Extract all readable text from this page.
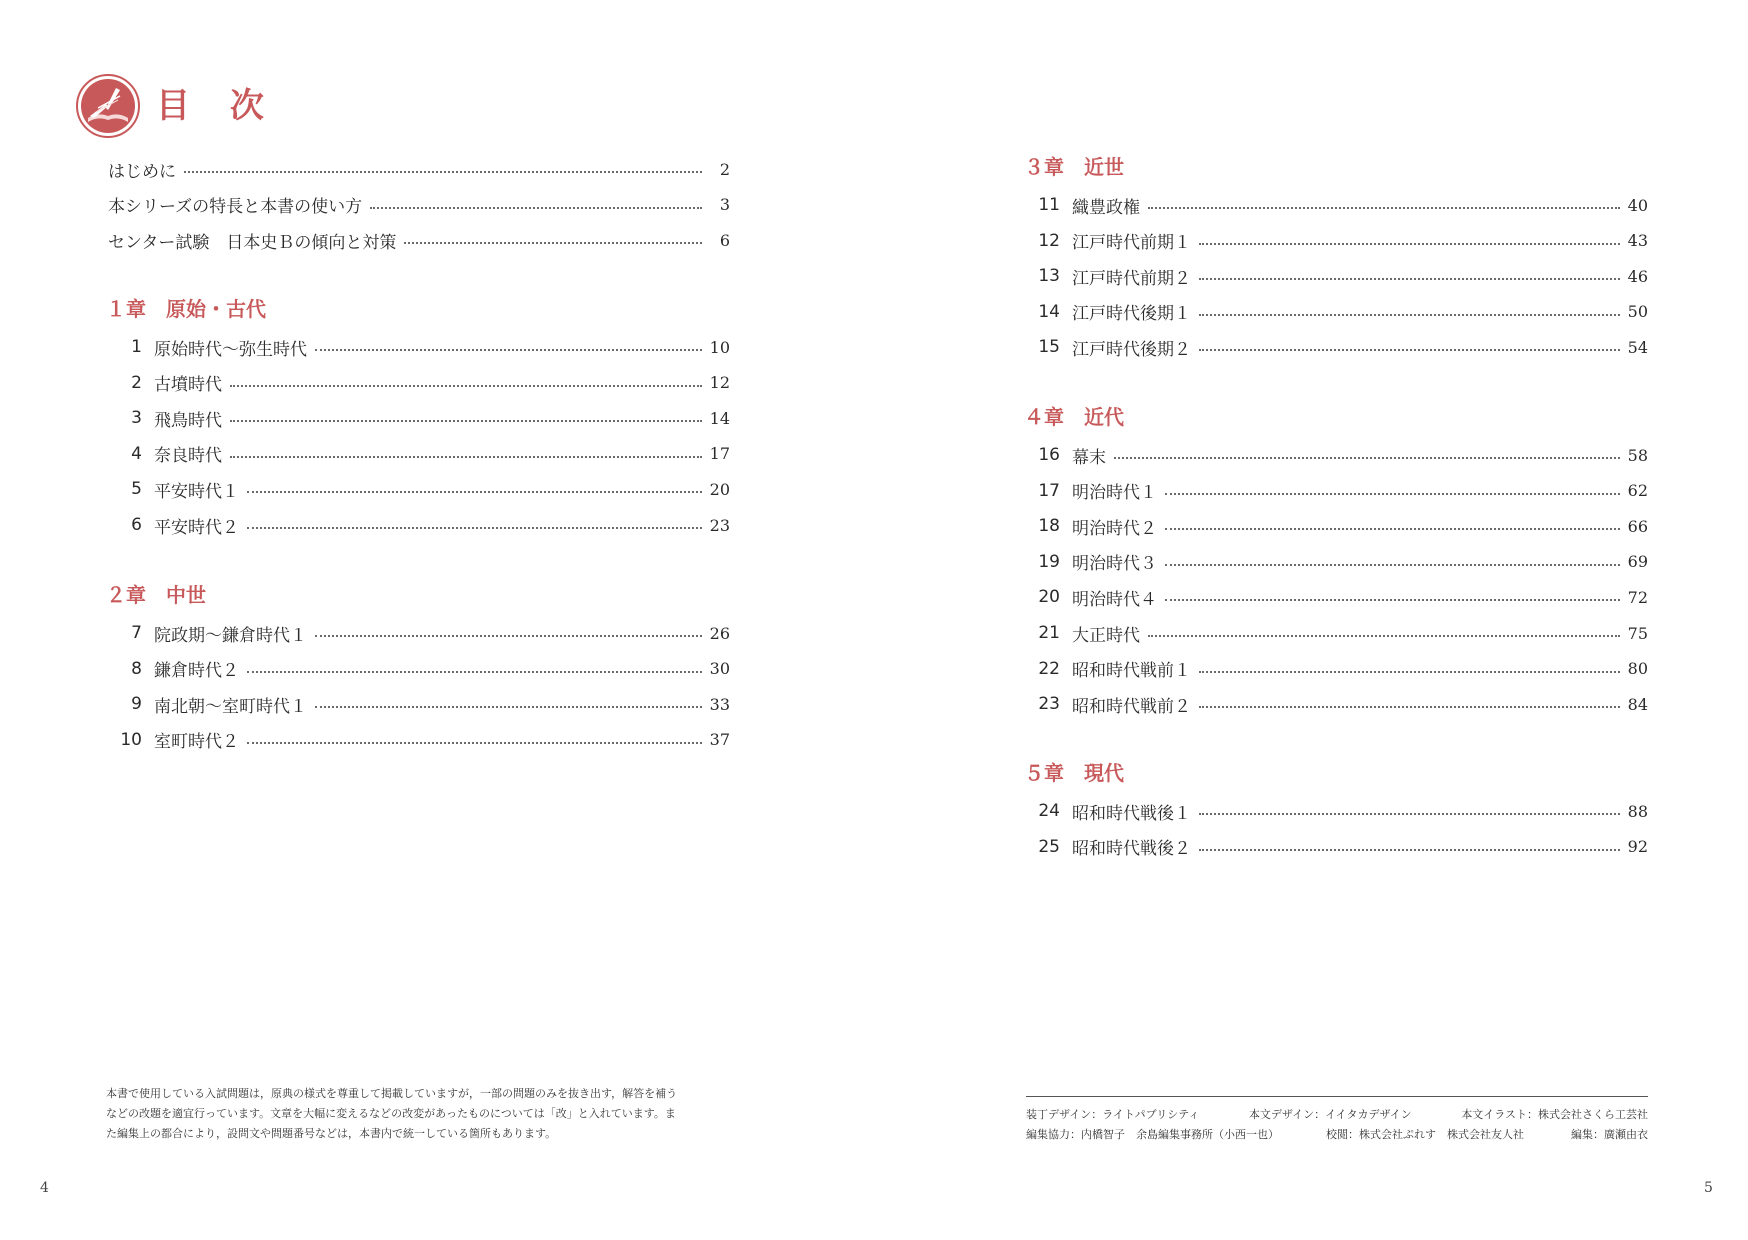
目 次
はじめに	2
本シリーズの特長と本書の使い方	3
センター試験　日本史Ｂの傾向と対策	6
１章　原始・古代
1 原始時代〜弥生時代	10
2 古墳時代	12
3 飛鳥時代	14
4 奈良時代	17
5 平安時代１	20
6 平安時代２	23
２章　中世
7 院政期〜鎌倉時代１	26
8 鎌倉時代２	30
9 南北朝〜室町時代１	33
10 室町時代２	37
本書で使用している入試問題は，原典の様式を尊重して掲載していますが，一部の問題のみを抜き出す，解答を補う
などの改題を適宜行っています。文章を大幅に変えるなどの改変があったものについては「改」と入れています。ま
た編集上の都合により，設問文や問題番号などは，本書内で統一している箇所もあります。
4
３章　近世
11 織豊政権	40
12 江戸時代前期１	43
13 江戸時代前期２	46
14 江戸時代後期１	50
15 江戸時代後期２	54
４章　近代
16 幕末	58
17 明治時代１	62
18 明治時代２	66
19 明治時代３	69
20 明治時代４	72
21 大正時代	75
22 昭和時代戦前１	80
23 昭和時代戦前２	84
５章　現代
24 昭和時代戦後１	88
25 昭和時代戦後２	92
装丁デザイン：ライトパブリシティ	本文デザイン：イイタカデザイン	本文イラスト：株式会社さくら工芸社
編集協力：内橋智子　余島編集事務所（小西一也）	校閲：株式会社ぷれす　株式会社友人社	編集：廣瀬由衣
5
